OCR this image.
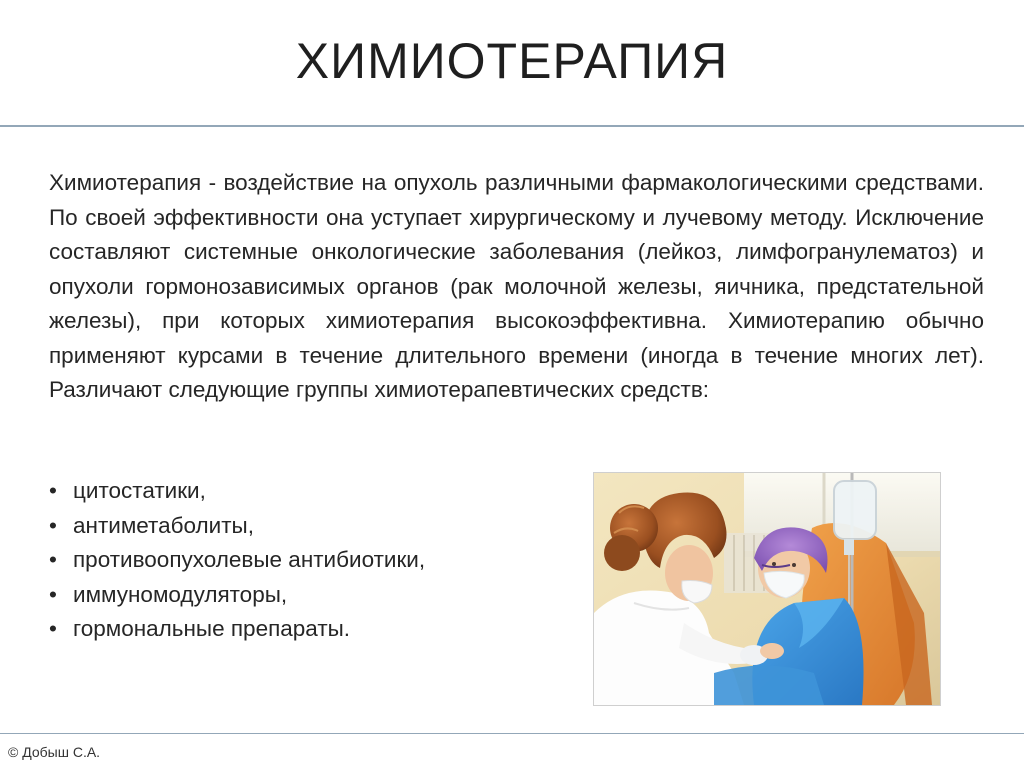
ХИМИОТЕРАПИЯ
Химиотерапия - воздействие на опухоль различными фармакологическими средствами. По своей эффективности она уступает хирургическому и лучевому методу. Исключение составляют системные онкологические заболевания (лейкоз, лимфогранулематоз) и опухоли гормонозависимых органов (рак молочной железы, яичника, предстательной железы), при которых химиотерапия высокоэффективна. Химиотерапию обычно применяют курсами в течение длительного времени (иногда в течение многих лет). Различают следующие группы химиотерапевтических средств:
• цитостатики,
• антиметаболиты,
• противоопухолевые антибиотики,
• иммуномодуляторы,
• гормональные препараты.
© Добыш С.А.
